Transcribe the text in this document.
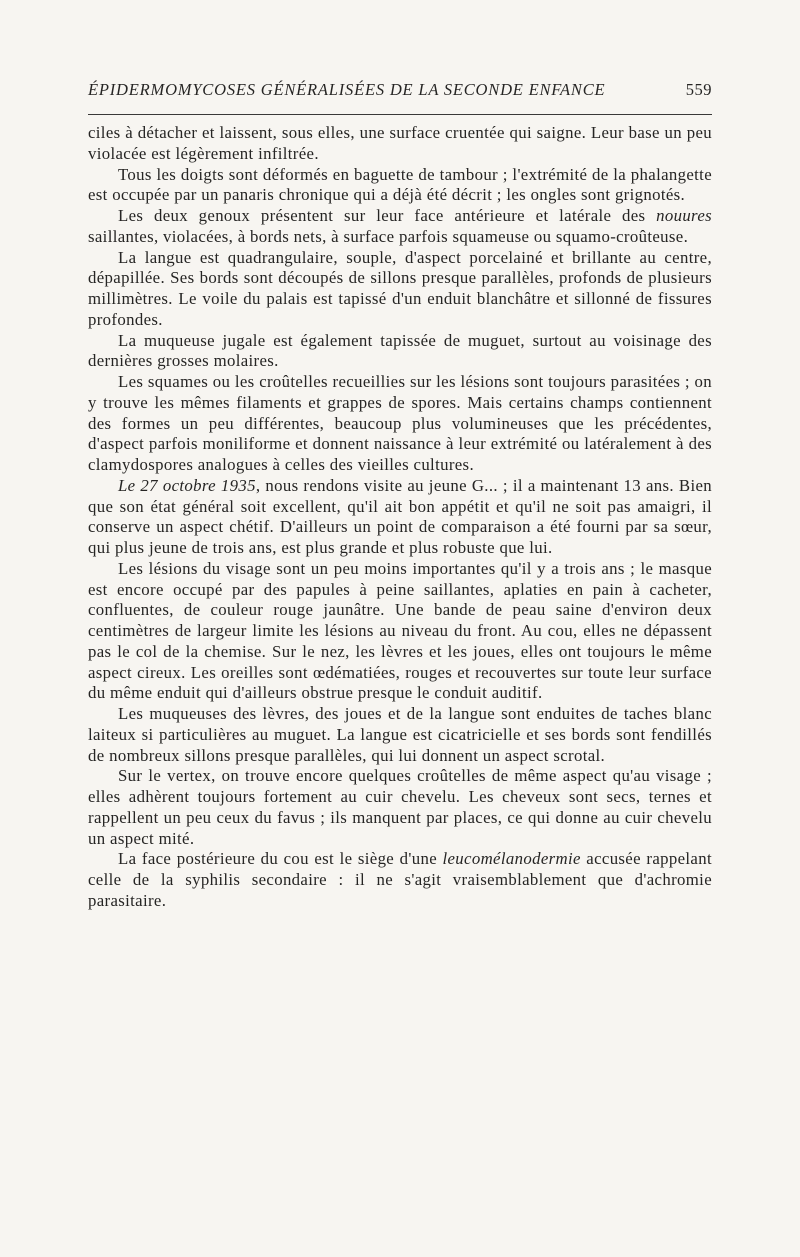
ÉPIDERMOMYCOSES GÉNÉRALISÉES DE LA SECONDE ENFANCE	559

ciles à détacher et laissent, sous elles, une surface cruentée qui saigne. Leur base un peu violacée est légèrement infiltrée.

Tous les doigts sont déformés en baguette de tambour ; l'extrémité de la phalangette est occupée par un panaris chronique qui a déjà été décrit ; les ongles sont grignotés.

Les deux genoux présentent sur leur face antérieure et latérale des nouures saillantes, violacées, à bords nets, à surface parfois squameuse ou squamo-croûteuse.

La langue est quadrangulaire, souple, d'aspect porcelainé et brillante au centre, dépapillée. Ses bords sont découpés de sillons presque parallèles, profonds de plusieurs millimètres. Le voile du palais est tapissé d'un enduit blanchâtre et sillonné de fissures profondes.

La muqueuse jugale est également tapissée de muguet, surtout au voisinage des dernières grosses molaires.

Les squames ou les croûtelles recueillies sur les lésions sont toujours parasitées ; on y trouve les mêmes filaments et grappes de spores. Mais certains champs contiennent des formes un peu différentes, beaucoup plus volumineuses que les précédentes, d'aspect parfois moniliforme et donnent naissance à leur extrémité ou latéralement à des clamydospores analogues à celles des vieilles cultures.

Le 27 octobre 1935, nous rendons visite au jeune G... ; il a maintenant 13 ans. Bien que son état général soit excellent, qu'il ait bon appétit et qu'il ne soit pas amaigri, il conserve un aspect chétif. D'ailleurs un point de comparaison a été fourni par sa sœur, qui plus jeune de trois ans, est plus grande et plus robuste que lui.

Les lésions du visage sont un peu moins importantes qu'il y a trois ans ; le masque est encore occupé par des papules à peine saillantes, aplaties en pain à cacheter, confluentes, de couleur rouge jaunâtre. Une bande de peau saine d'environ deux centimètres de largeur limite les lésions au niveau du front. Au cou, elles ne dépassent pas le col de la chemise. Sur le nez, les lèvres et les joues, elles ont toujours le même aspect cireux. Les oreilles sont œdématiées, rouges et recouvertes sur toute leur surface du même enduit qui d'ailleurs obstrue presque le conduit auditif.

Les muqueuses des lèvres, des joues et de la langue sont enduites de taches blanc laiteux si particulières au muguet. La langue est cicatricielle et ses bords sont fendillés de nombreux sillons presque parallèles, qui lui donnent un aspect scrotal.

Sur le vertex, on trouve encore quelques croûtelles de même aspect qu'au visage ; elles adhèrent toujours fortement au cuir chevelu. Les cheveux sont secs, ternes et rappellent un peu ceux du favus ; ils manquent par places, ce qui donne au cuir chevelu un aspect mité.

La face postérieure du cou est le siège d'une leucomélanodermie accusée rappelant celle de la syphilis secondaire : il ne s'agit vraisemblablement que d'achromie parasitaire.
